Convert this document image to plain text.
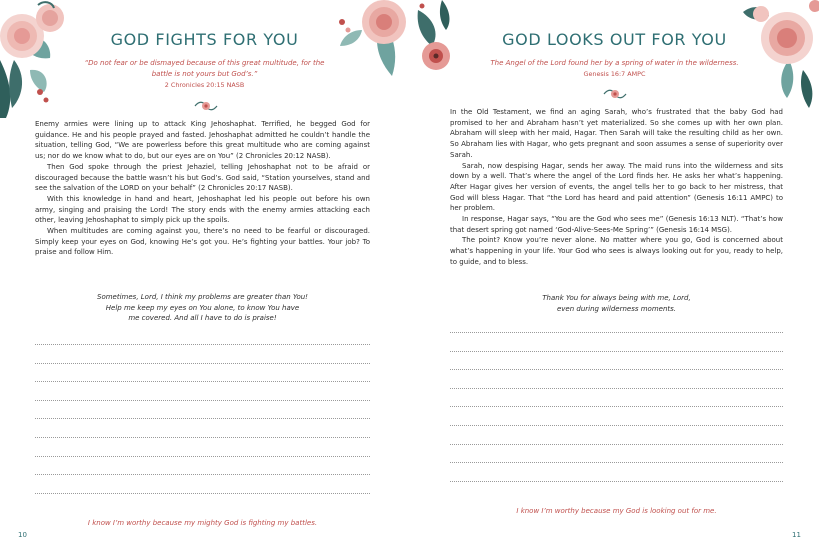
GOD FIGHTS FOR YOU
“Do not fear or be dismayed because of this great multitude, for the battle is not yours but God’s.”
2 Chronicles 20:15 NASB

Enemy armies were lining up to attack King Jehoshaphat. Terrified, he begged God for guidance. He and his people prayed and fasted. Jehoshaphat admitted he couldn’t handle the situation, telling God, “We are powerless before this great multitude who are coming against us; nor do we know what to do, but our eyes are on You” (2 Chronicles 20:12 NASB).

Then God spoke through the priest Jehaziel, telling Jehoshaphat not to be afraid or discouraged because the battle wasn’t his but God’s. God said, “Station yourselves, stand and see the salvation of the LORD on your behalf” (2 Chronicles 20:17 NASB).

With this knowledge in hand and heart, Jehoshaphat led his people out before his own army, singing and praising the Lord! The story ends with the enemy armies attacking each other, leaving Jehoshaphat to simply pick up the spoils.

When multitudes are coming against you, there’s no need to be fearful or discouraged. Simply keep your eyes on God, knowing He’s got you. He’s fighting your battles. Your job? To praise and follow Him.

Sometimes, Lord, I think my problems are greater than You!
Help me keep my eyes on You alone, to know You have
me covered. And all I have to do is praise!
I know I’m worthy because my mighty God is fighting my battles.
10
GOD LOOKS OUT FOR YOU
The Angel of the Lord found her by a spring of water in the wilderness.
Genesis 16:7 AMPC

In the Old Testament, we find an aging Sarah, who’s frustrated that the baby God had promised to her and Abraham hasn’t yet materialized. So she comes up with her own plan. Abraham will sleep with her maid, Hagar. Then Sarah will take the resulting child as her own. So Abraham lies with Hagar, who gets pregnant and soon assumes a sense of superiority over Sarah.

Sarah, now despising Hagar, sends her away. The maid runs into the wilderness and sits down by a well. That’s where the angel of the Lord finds her. He asks her what’s happening. After Hagar gives her version of events, the angel tells her to go back to her mistress, that God will bless Hagar. That “the Lord has heard and paid attention” (Genesis 16:11 AMPC) to her problem.

In response, Hagar says, “You are the God who sees me” (Genesis 16:13 NLT). “That’s how that desert spring got named ‘God-Alive-Sees-Me Spring’” (Genesis 16:14 MSG).

The point? Know you’re never alone. No matter where you go, God is concerned about what’s happening in your life. Your God who sees is always looking out for you, ready to help, to guide, and to bless.

Thank You for always being with me, Lord,
even during wilderness moments.
I know I’m worthy because my God is looking out for me.
11
